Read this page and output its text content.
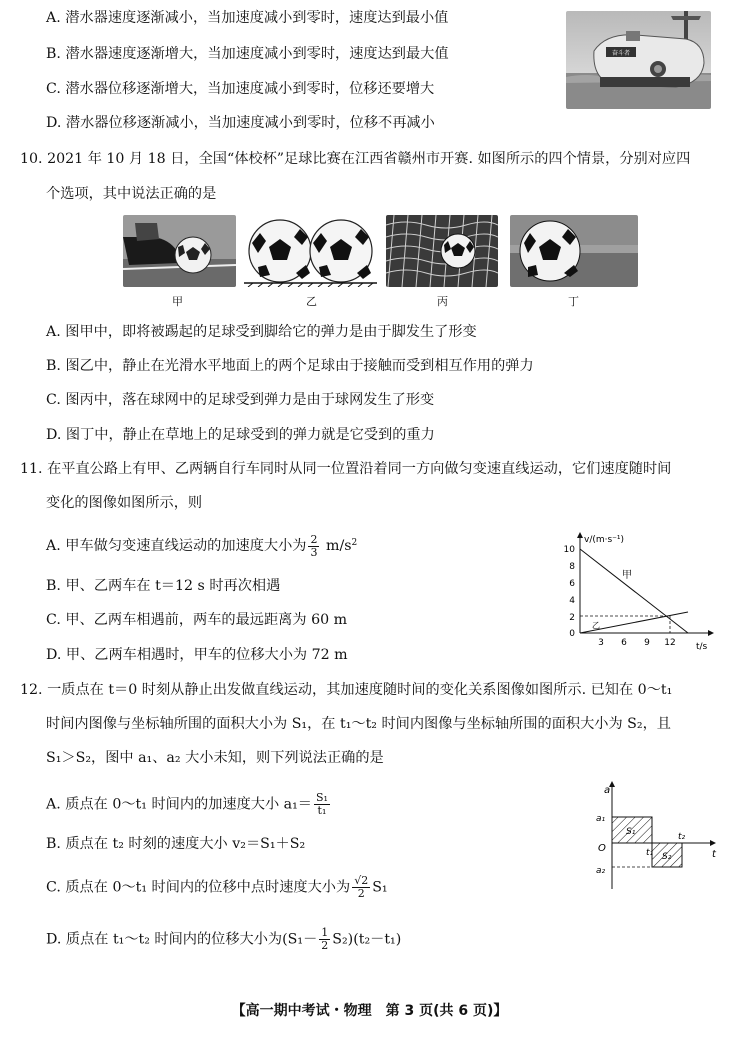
A. 潜水器速度逐渐减小，当加速度减小到零时，速度达到最小值
B. 潜水器速度逐渐增大，当加速度减小到零时，速度达到最大值
C. 潜水器位移逐渐增大，当加速度减小到零时，位移还要增大
D. 潜水器位移逐渐减小，当加速度减小到零时，位移不再减小
奋斗者
10. 2021 年 10 月 18 日，全国“体校杯”足球比赛在江西省赣州市开赛. 如图所示的四个情景，分别对应四
个选项，其中说法正确的是
甲	乙	丙	丁
A. 图甲中，即将被踢起的足球受到脚给它的弹力是由于脚发生了形变
B. 图乙中，静止在光滑水平地面上的两个足球由于接触而受到相互作用的弹力
C. 图丙中，落在球网中的足球受到弹力是由于球网发生了形变
D. 图丁中，静止在草地上的足球受到的弹力就是它受到的重力
11. 在平直公路上有甲、乙两辆自行车同时从同一位置沿着同一方向做匀变速直线运动，它们速度随时间
变化的图像如图所示，则
A. 甲车做匀变速直线运动的加速度大小为 $\frac{2}{3} m/s^2$
B. 甲、乙两车在 t＝12 s 时再次相遇
C. 甲、乙两车相遇前，两车的最远距离为 60 m
D. 甲、乙两车相遇时，甲车的位移大小为 72 m
v/(m·s⁻¹)
t/s
0
2
4
6
8
10
3 6 9 12
甲
乙
12. 一质点在 t＝0 时刻从静止出发做直线运动，其加速度随时间的变化关系图像如图所示. 已知在 0～t₁
时间内图像与坐标轴所围的面积大小为 S₁，在 t₁～t₂ 时间内图像与坐标轴所围的面积大小为 S₂，且
S₁＞S₂，图中 a₁、a₂ 大小未知，则下列说法正确的是
A. 质点在 0～t₁ 时间内的加速度大小 $a_1= \frac{\text{S₁}}{\text{t₁}}$
B. 质点在 t₂ 时刻的速度大小 v₂＝S₁＋S₂
C. 质点在 0～t₁ 时间内的位移中点时速度大小为 $\frac{√2}{2} S_1$
D. 质点在 t₁～t₂ 时间内的位移大小为$(S_1- \frac{1}{2} S_2)(t_2-t_1)$
a
t
O
a₁
a₂
S₁
S₂
t₁
t₂
【高一期中考试・物理　第 3 页(共 6 页)】
